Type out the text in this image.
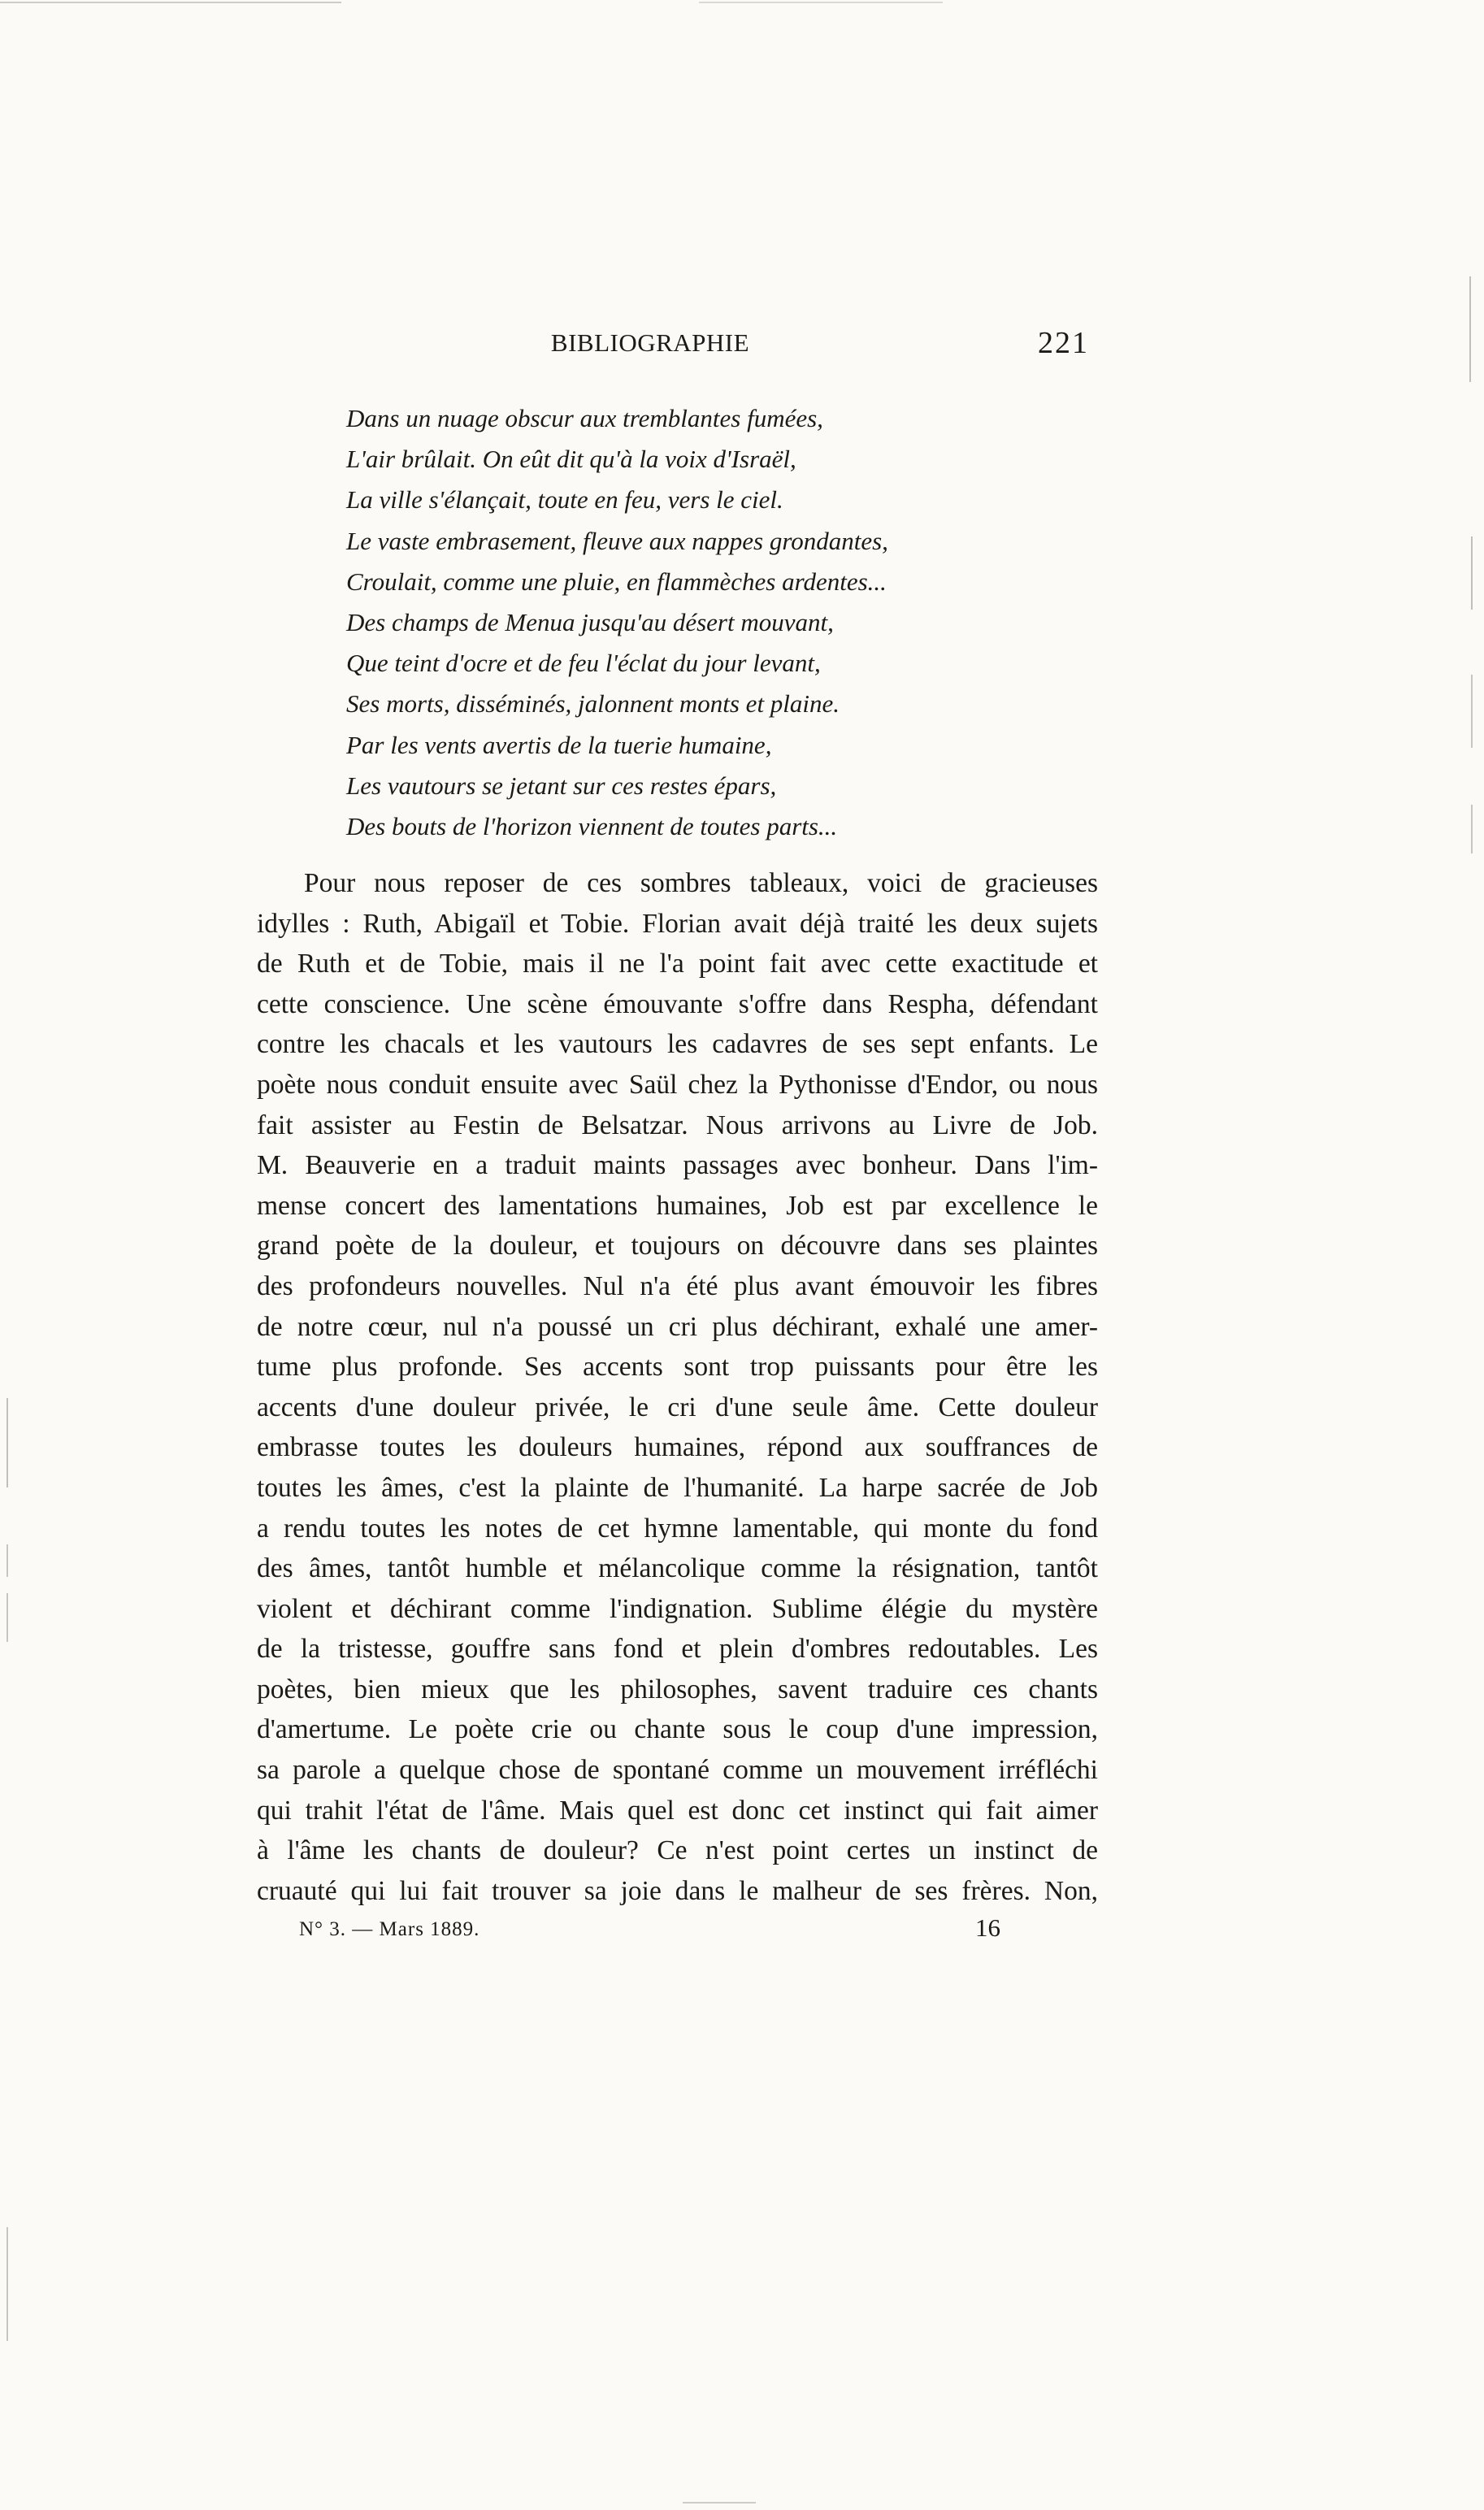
BIBLIOGRAPHIE	221
Dans un nuage obscur aux tremblantes fumées,
L'air brûlait. On eût dit qu'à la voix d'Israël,
La ville s'élançait, toute en feu, vers le ciel.
Le vaste embrasement, fleuve aux nappes grondantes,
Croulait, comme une pluie, en flammèches ardentes...
Des champs de Menua jusqu'au désert mouvant,
Que teint d'ocre et de feu l'éclat du jour levant,
Ses morts, disséminés, jalonnent monts et plaine.
Par les vents avertis de la tuerie humaine,
Les vautours se jetant sur ces restes épars,
Des bouts de l'horizon viennent de toutes parts...
Pour nous reposer de ces sombres tableaux, voici de gracieuses
idylles : Ruth, Abigaïl et Tobie. Florian avait déjà traité les deux sujets
de Ruth et de Tobie, mais il ne l'a point fait avec cette exactitude et
cette conscience. Une scène émouvante s'offre dans Respha, défendant
contre les chacals et les vautours les cadavres de ses sept enfants. Le
poète nous conduit ensuite avec Saül chez la Pythonisse d'Endor, ou nous
fait assister au Festin de Belsatzar. Nous arrivons au Livre de Job.
M. Beauverie en a traduit maints passages avec bonheur. Dans l'im-
mense concert des lamentations humaines, Job est par excellence le
grand poète de la douleur, et toujours on découvre dans ses plaintes
des profondeurs nouvelles. Nul n'a été plus avant émouvoir les fibres
de notre cœur, nul n'a poussé un cri plus déchirant, exhalé une amer-
tume plus profonde. Ses accents sont trop puissants pour être les
accents d'une douleur privée, le cri d'une seule âme. Cette douleur
embrasse toutes les douleurs humaines, répond aux souffrances de
toutes les âmes, c'est la plainte de l'humanité. La harpe sacrée de Job
a rendu toutes les notes de cet hymne lamentable, qui monte du fond
des âmes, tantôt humble et mélancolique comme la résignation, tantôt
violent et déchirant comme l'indignation. Sublime élégie du mystère
de la tristesse, gouffre sans fond et plein d'ombres redoutables. Les
poètes, bien mieux que les philosophes, savent traduire ces chants
d'amertume. Le poète crie ou chante sous le coup d'une impression,
sa parole a quelque chose de spontané comme un mouvement irréfléchi
qui trahit l'état de l'âme. Mais quel est donc cet instinct qui fait aimer
à l'âme les chants de douleur? Ce n'est point certes un instinct de
cruauté qui lui fait trouver sa joie dans le malheur de ses frères. Non,
N° 3. — Mars 1889.	16
